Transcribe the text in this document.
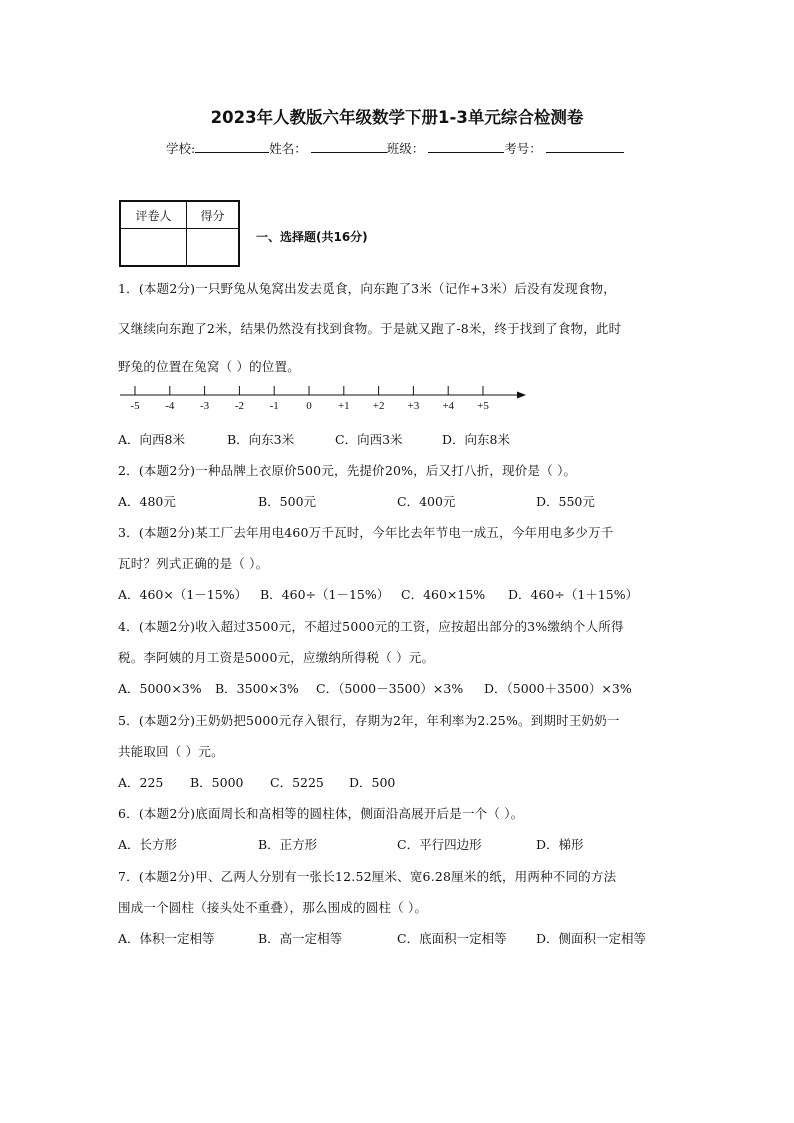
2023年人教版六年级数学下册1-3单元综合检测卷
学校:	姓名：	班级：	考号：
评卷人	得分

一、选择题(共16分)
1．(本题2分)一只野兔从兔窝出发去觅食，向东跑了3米（记作+3米）后没有发现食物，
又继续向东跑了2米，结果仍然没有找到食物。于是就又跑了-8米，终于找到了食物，此时
野兔的位置在兔窝（ ）的位置。
-5 -4 -3 -2 -1 0 +1 +2 +3 +4 +5
A．向西8米	B．向东3米	C．向西3米	D．向东8米
2．(本题2分)一种品牌上衣原价500元，先提价20%，后又打八折，现价是（ ）。
A．480元	B．500元	C．400元	D．550元
3．(本题2分)某工厂去年用电460万千瓦时，今年比去年节电一成五，今年用电多少万千
瓦时？列式正确的是（ ）。
A．460×（1－15%） B．460÷（1－15%） C．460×15% D．460÷（1＋15%）
4．(本题2分)收入超过3500元，不超过5000元的工资，应按超出部分的3%缴纳个人所得
税。李阿姨的月工资是5000元，应缴纳所得税（ ）元。
A．5000×3% B．3500×3% C．（5000－3500）×3% D．（5000＋3500）×3%
5．(本题2分)王奶奶把5000元存入银行，存期为2年，年利率为2.25%。到期时王奶奶一
共能取回（ ）元。
A．225 B．5000 C．5225 D．500
6．(本题2分)底面周长和高相等的圆柱体，侧面沿高展开后是一个（ ）。
A．长方形	B．正方形	C．平行四边形	D．梯形
7．(本题2分)甲、乙两人分别有一张长12.52厘米、宽6.28厘米的纸，用两种不同的方法
围成一个圆柱（接头处不重叠），那么围成的圆柱（ ）。
A．体积一定相等	B．高一定相等	C．底面积一定相等 D．侧面积一定相等
